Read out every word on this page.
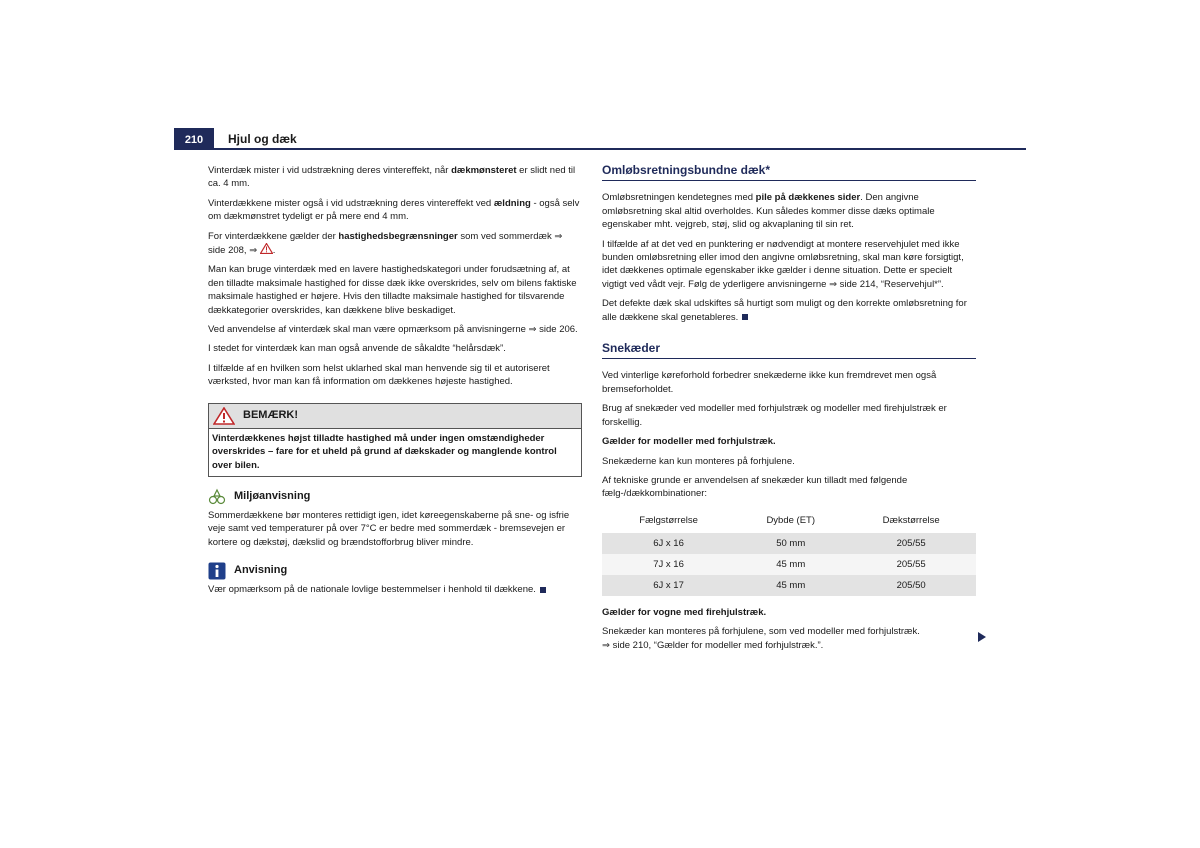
210	Hjul og dæk

Vinterdæk mister i vid udstrækning deres vintereffekt, når dækmønsteret er slidt ned til ca. 4 mm.

Vinterdækkene mister også i vid udstrækning deres vintereffekt ved ældning - også selv om dækmønstret tydeligt er på mere end 4 mm.

For vinterdækkene gælder der hastighedsbegrænsninger som ved sommerdæk ⇒ side 208, ⇒ .

Man kan bruge vinterdæk med en lavere hastighedskategori under forudsætning af, at den tilladte maksimale hastighed for disse dæk ikke overskrides, selv om bilens faktiske maksimale hastighed er højere. Hvis den tilladte maksimale hastighed for tilsvarende dækkategorier overskrides, kan dækkene blive beskadiget.

Ved anvendelse af vinterdæk skal man være opmærksom på anvisningerne ⇒ side 206.

I stedet for vinterdæk kan man også anvende de såkaldte “helårsdæk”.

I tilfælde af en hvilken som helst uklarhed skal man henvende sig til et autoriseret værksted, hvor man kan få information om dækkenes højeste hastighed.

BEMÆRK!
Vinterdækkenes højst tilladte hastighed må under ingen omstændigheder overskrides – fare for et uheld på grund af dækskader og manglende kontrol over bilen.
Miljøanvisning

Sommerdækkene bør monteres rettidigt igen, idet køreegenskaberne på sne- og isfrie veje samt ved temperaturer på over 7°C er bedre med sommerdæk - bremsevejen er kortere og dækstøj, dækslid og brændstofforbrug bliver mindre.

Anvisning

Vær opmærksom på de nationale lovlige bestemmelser i henhold til dækkene.

Omløbsretningsbundne dæk*

Omløbsretningen kendetegnes med pile på dækkenes sider. Den angivne omløbsretning skal altid overholdes. Kun således kommer disse dæks optimale egenskaber mht. vejgreb, støj, slid og akvaplaning til sin ret.

I tilfælde af at det ved en punktering er nødvendigt at montere reservehjulet med ikke bunden omløbsretning eller imod den angivne omløbsretning, skal man køre forsigtigt, idet dækkenes optimale egenskaber ikke gælder i denne situation. Dette er specielt vigtigt ved vådt vejr. Følg de yderligere anvisningerne ⇒ side 214, “Reservehjul*”.

Det defekte dæk skal udskiftes så hurtigt som muligt og den korrekte omløbsretning for alle dækkene skal genetableres.

Snekæder

Ved vinterlige køreforhold forbedrer snekæderne ikke kun fremdrevet men også bremseforholdet.

Brug af snekæder ved modeller med forhjulstræk og modeller med firehjulstræk er forskellig.

Gælder for modeller med forhjulstræk.

Snekæderne kan kun monteres på forhjulene.

Af tekniske grunde er anvendelsen af snekæder kun tilladt med følgende fælg-/dækkombinationer:

Fælgstørrelse	Dybde (ET)	Dækstørrelse
6J x 16	50 mm	205/55
7J x 16	45 mm	205/55
6J x 17	45 mm	205/50

Gælder for vogne med firehjulstræk.

Snekæder kan monteres på forhjulene, som ved modeller med forhjulstræk.

⇒ side 210, “Gælder for modeller med forhjulstræk.”.
